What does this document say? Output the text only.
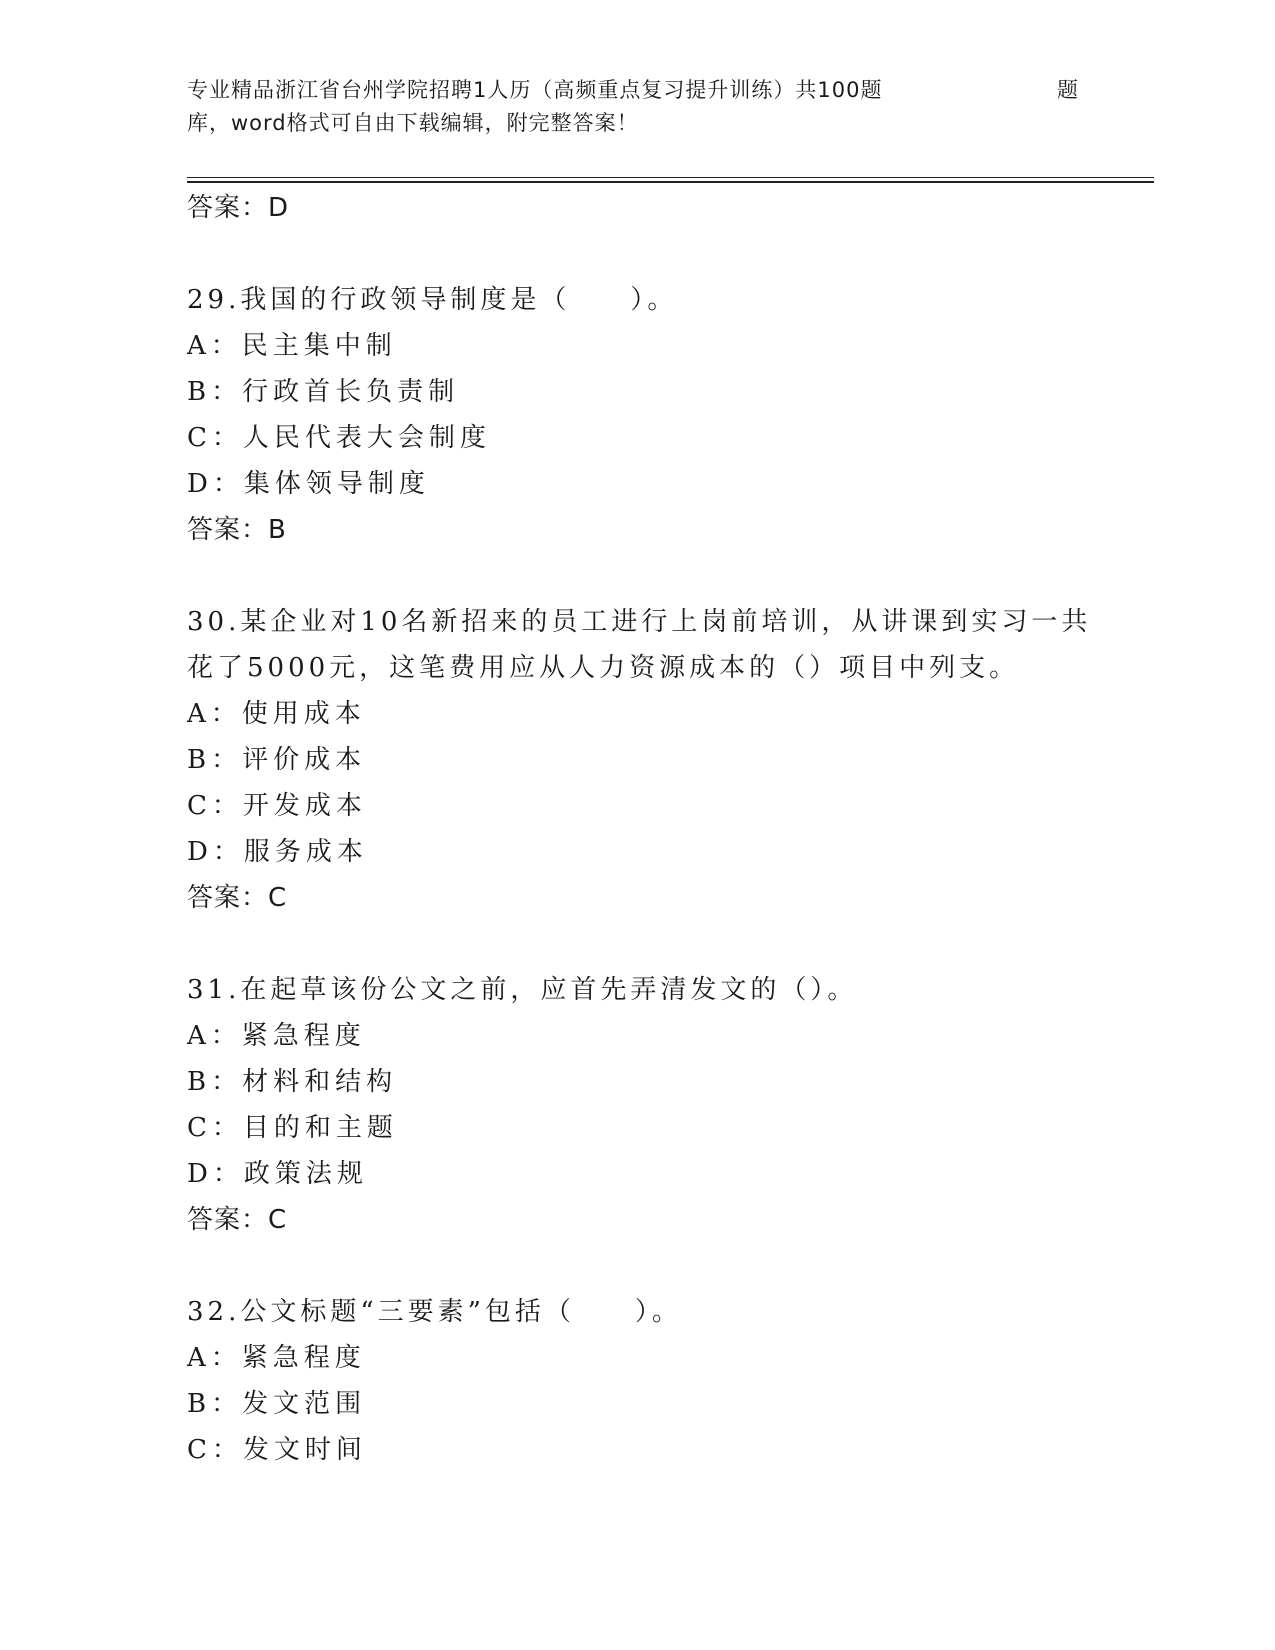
专业精品浙江省台州学院招聘1人历（高频重点复习提升训练）共100题	题
库，word格式可自由下载编辑，附完整答案！
答案：D
29.我国的行政领导制度是（　　）。
A：民主集中制
B：行政首长负责制
C：人民代表大会制度
D：集体领导制度
答案：B
30.某企业对10名新招来的员工进行上岗前培训，从讲课到实习一共
花了5000元，这笔费用应从人力资源成本的（）项目中列支。
A：使用成本
B：评价成本
C：开发成本
D：服务成本
答案：C
31.在起草该份公文之前，应首先弄清发文的（）。
A：紧急程度
B：材料和结构
C：目的和主题
D：政策法规
答案：C
32.公文标题“三要素”包括（　　）。
A：紧急程度
B：发文范围
C：发文时间
